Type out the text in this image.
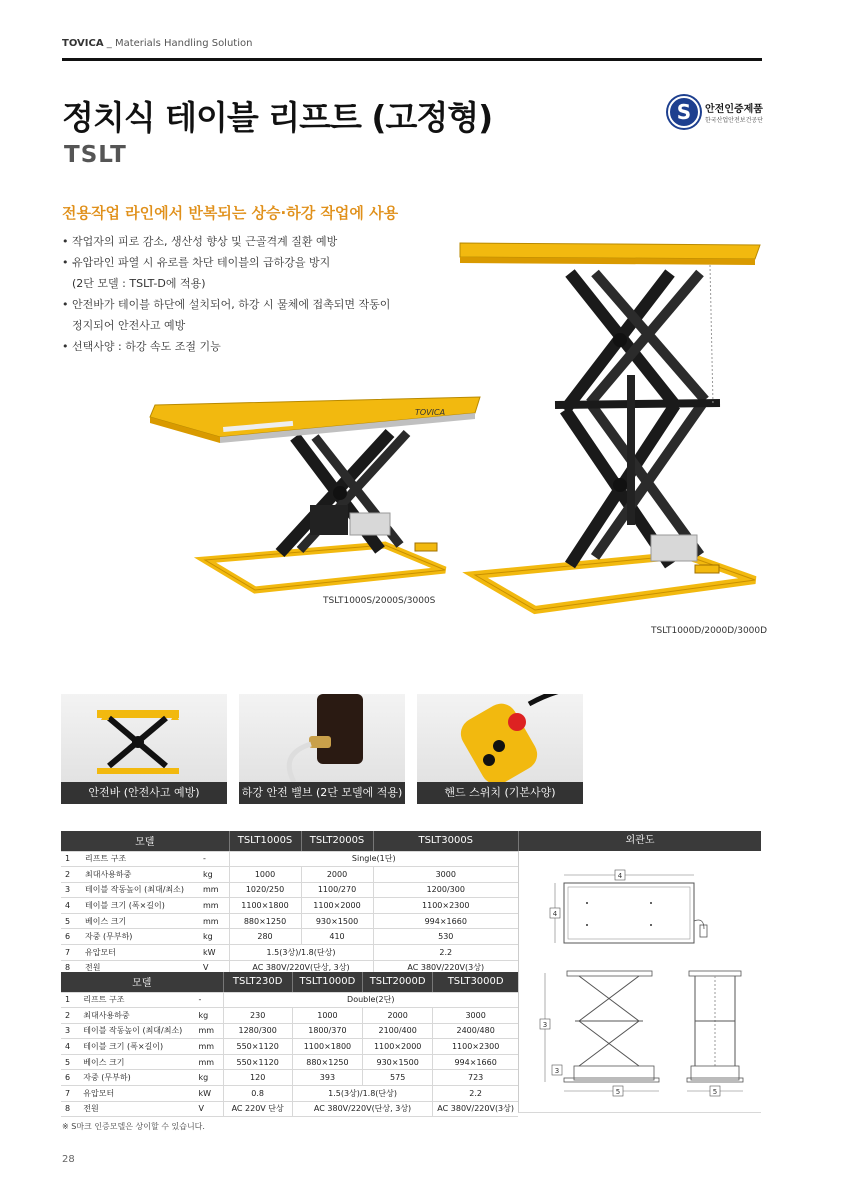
TOVICA _ Materials Handling Solution
정치식 테이블 리프트 (고정형)
TSLT
S	안전인증제품
한국산업안전보건공단
전용작업 라인에서 반복되는 상승·하강 작업에 사용
• 작업자의 피로 감소, 생산성 향상 및 근골격계 질환 예방
• 유압라인 파열 시 유로를 차단 테이블의 급하강을 방지
(2단 모델 : TSLT-D에 적용)
• 안전바가 테이블 하단에 설치되어, 하강 시 물체에 접촉되면 작동이
정지되어 안전사고 예방
• 선택사양 : 하강 속도 조절 기능
TOVICA
TSLT1000S/2000S/3000S
TSLT1000D/2000D/3000D
안전바 (안전사고 예방)	하강 안전 밸브 (2단 모델에 적용)	핸드 스위치 (기본사양)
모델			TSLT1000S	TSLT2000S	TSLT3000S
1	리프트 구조	-	Single(1단)		
2	최대사용하중	kg	1000	2000	3000
3	테이블 작동높이 (최대/최소)	mm	1020/250	1100/270	1200/300
4	테이블 크기 (폭×길이)	mm	1100×1800	1100×2000	1100×2300
5	베이스 크기	mm	880×1250	930×1500	994×1660
6	자중 (무부하)	kg	280	410	530
7	유압모터	kW	1.5(3상)/1.8(단상)		2.2
8	전원	V	AC 380V/220V(단상, 3상)		AC 380V/220V(3상)
모델			TSLT230D	TSLT1000D	TSLT2000D	TSLT3000D
1	리프트 구조	-	Double(2단)			
2	최대사용하중	kg	230	1000	2000	3000
3	테이블 작동높이 (최대/최소)	mm	1280/300	1800/370	2100/400	2400/480
4	테이블 크기 (폭×길이)	mm	550×1120	1100×1800	1100×2000	1100×2300
5	베이스 크기	mm	550×1120	880×1250	930×1500	994×1660
6	자중 (무부하)	kg	120	393	575	723
7	유압모터	kW	0.8	1.5(3상)/1.8(단상)		2.2
8	전원	V	AC 220V 단상	AC 380V/220V(단상, 3상)		AC 380V/220V(3상)
외관도
4
4
3
3
5	5
※ S마크 인증모델은 상이할 수 있습니다.
28
